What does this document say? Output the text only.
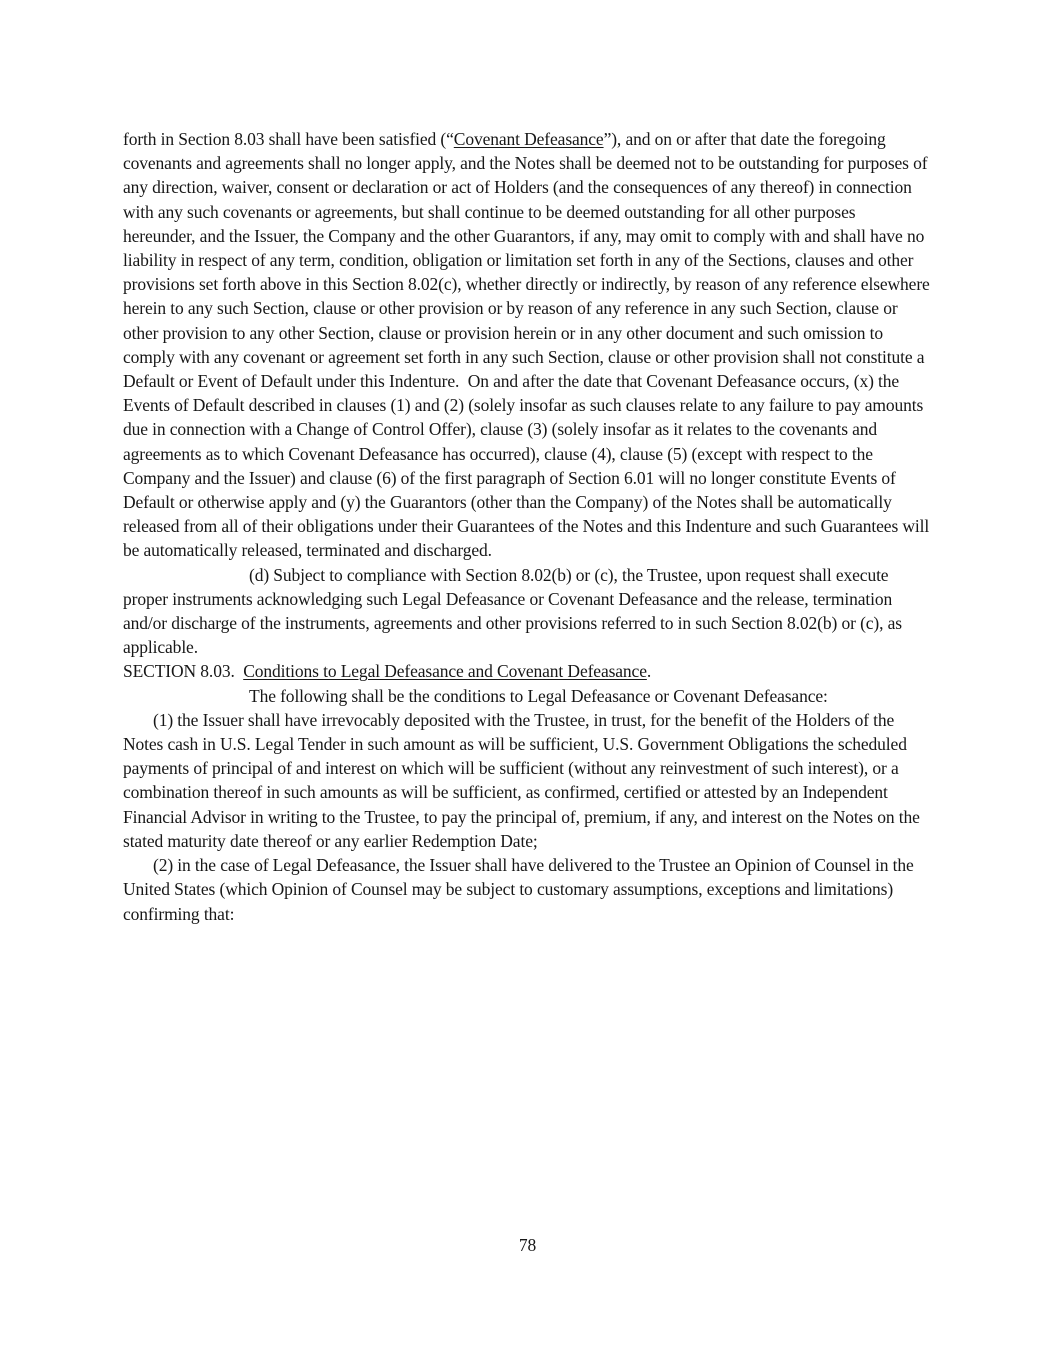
forth in Section 8.03 shall have been satisfied (“Covenant Defeasance”), and on or after that date the foregoing covenants and agreements shall no longer apply, and the Notes shall be deemed not to be outstanding for purposes of any direction, waiver, consent or declaration or act of Holders (and the consequences of any thereof) in connection with any such covenants or agreements, but shall continue to be deemed outstanding for all other purposes hereunder, and the Issuer, the Company and the other Guarantors, if any, may omit to comply with and shall have no liability in respect of any term, condition, obligation or limitation set forth in any of the Sections, clauses and other provisions set forth above in this Section 8.02(c), whether directly or indirectly, by reason of any reference elsewhere herein to any such Section, clause or other provision or by reason of any reference in any such Section, clause or other provision to any other Section, clause or provision herein or in any other document and such omission to comply with any covenant or agreement set forth in any such Section, clause or other provision shall not constitute a Default or Event of Default under this Indenture.  On and after the date that Covenant Defeasance occurs, (x) the Events of Default described in clauses (1) and (2) (solely insofar as such clauses relate to any failure to pay amounts due in connection with a Change of Control Offer), clause (3) (solely insofar as it relates to the covenants and agreements as to which Covenant Defeasance has occurred), clause (4), clause (5) (except with respect to the Company and the Issuer) and clause (6) of the first paragraph of Section 6.01 will no longer constitute Events of Default or otherwise apply and (y) the Guarantors (other than the Company) of the Notes shall be automatically released from all of their obligations under their Guarantees of the Notes and this Indenture and such Guarantees will be automatically released, terminated and discharged.

(d) Subject to compliance with Section 8.02(b) or (c), the Trustee, upon request shall execute proper instruments acknowledging such Legal Defeasance or Covenant Defeasance and the release, termination and/or discharge of the instruments, agreements and other provisions referred to in such Section 8.02(b) or (c), as applicable.

SECTION 8.03.  Conditions to Legal Defeasance and Covenant Defeasance.

The following shall be the conditions to Legal Defeasance or Covenant Defeasance:

(1) the Issuer shall have irrevocably deposited with the Trustee, in trust, for the benefit of the Holders of the Notes cash in U.S. Legal Tender in such amount as will be sufficient, U.S. Government Obligations the scheduled payments of principal of and interest on which will be sufficient (without any reinvestment of such interest), or a combination thereof in such amounts as will be sufficient, as confirmed, certified or attested by an Independent Financial Advisor in writing to the Trustee, to pay the principal of, premium, if any, and interest on the Notes on the stated maturity date thereof or any earlier Redemption Date;

(2) in the case of Legal Defeasance, the Issuer shall have delivered to the Trustee an Opinion of Counsel in the United States (which Opinion of Counsel may be subject to customary assumptions, exceptions and limitations) confirming that:

78
